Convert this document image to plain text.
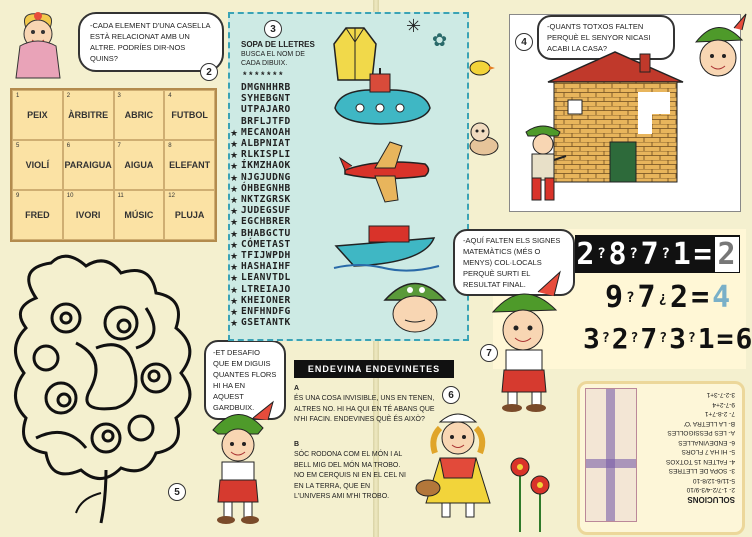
-CADA ELEMENT D'UNA CASELLA ESTÀ RELACIONAT AMB UN ALTRE. PODRÍES DIR-NOS QUINS?
2
1
PEIX
2
ÀRBITRE
3
ABRIC
4
FUTBOL
5
VIOLÍ
6
PARAIGUA
7
AIGUA
8
ELEFANT
9
FRED
10
IVORI
11
MÚSIC
12
PLUJA
-ET DESAFIO QUE EM DIGUIS QUANTES FLORS HI HA EN AQUEST GARDBUIX.
5
3
SOPA DE LLETRES
BUSCA EL NOM DE CADA DIBUIX.
* * * * * * *
★
★
★
★
★
★
★
★
★
★
★
★
★
★
★
★
★
★
DMGNHHRB
SYHEBGNT
UTPAJARO
BRFLJTFD
MECANOAH
ALBPNIAT
RLKISPLI
ÍKMZHAOK
NJGJUDNG
ÓHBEGNHB
NKTZGRSK
JUDEGSUF
EGCHBRER
BHABGCTU
CÓMETAST
TFIJWPDH
HASHAIHF
LEANVTDL
LTREIAJO
KHEIONER
ENFHNDFG
GSETANTK
✳
✿
ENDEVINA ENDEVINETES
A
ÉS UNA COSA INVISIBLE, UNS EN TENEN, ALTRES NO. HI HA QUI EN TÉ ABANS QUE N'HI FACIN. ENDEVINES QUÈ ÉS AIXÒ?
B
SÓC RODONA COM EL MÓN I AL BELL MIG DEL MÓN MA TROBO. NO EM CERQUIS NI EN EL CEL NI EN LA TERRA, QUE EN L'UNIVERS AMI M'HI TROBO.
6
4
-QUANTS TOTXOS FALTEN PERQUÈ EL SENYOR NICASI ACABI LA CASA?
-AQUÍ FALTEN ELS SIGNES MATEMÀTICS (MÉS O MENYS) COL·LOCALS PERQUÈ SURTI EL RESULTAT FINAL.
2 ? 8 ? 7 ? 1 = 2
9 ? 7 ¿ 2 = 4
3 ? 2 ? 7 ? 3 ? 1 = 6
7
SOLUCIONS
2- 1-7/2-4/3-9/10
5-11/6-12/8-10
3- SOPA DE LLETRES
4- FALTEN 15 TOTXOS
5- HI HA 7 FLORS
6- ENDEVINALLES
A- LES PESSIGOLLES
B- LA LLETRA 'O'
7- 2-8-7+1
9-7-2+4
3-2-7-3+1
